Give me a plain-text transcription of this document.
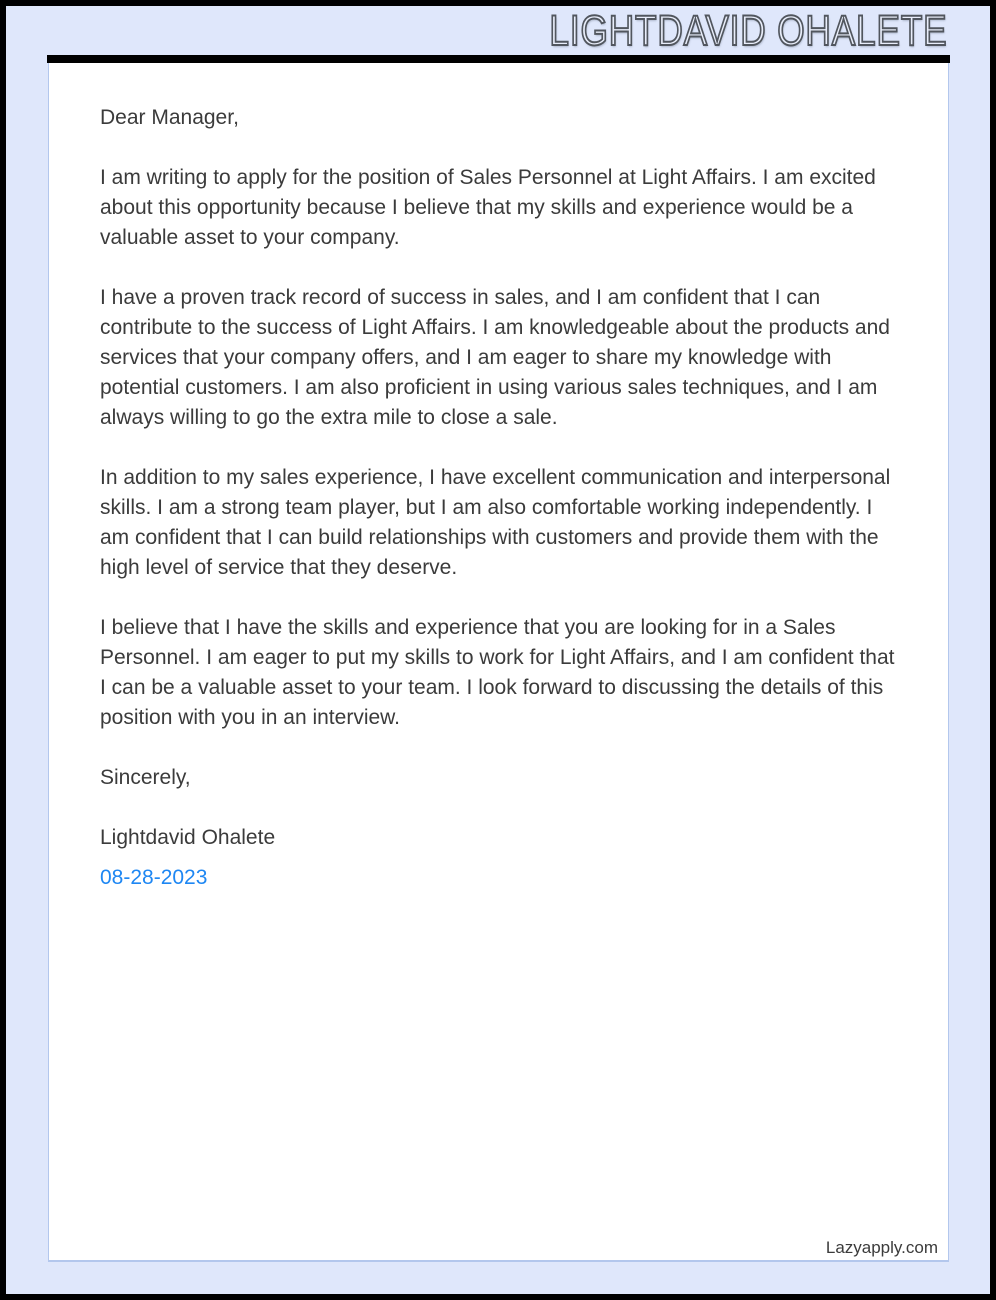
LIGHTDAVID OHALETE

Dear Manager,

I am writing to apply for the position of Sales Personnel at Light Affairs. I am excited about this opportunity because I believe that my skills and experience would be a valuable asset to your company.

I have a proven track record of success in sales, and I am confident that I can contribute to the success of Light Affairs. I am knowledgeable about the products and services that your company offers, and I am eager to share my knowledge with potential customers. I am also proficient in using various sales techniques, and I am always willing to go the extra mile to close a sale.

In addition to my sales experience, I have excellent communication and interpersonal skills. I am a strong team player, but I am also comfortable working independently. I am confident that I can build relationships with customers and provide them with the high level of service that they deserve.

I believe that I have the skills and experience that you are looking for in a Sales Personnel. I am eager to put my skills to work for Light Affairs, and I am confident that I can be a valuable asset to your team. I look forward to discussing the details of this position with you in an interview.

Sincerely,

Lightdavid Ohalete

08-28-2023

Lazyapply.com
